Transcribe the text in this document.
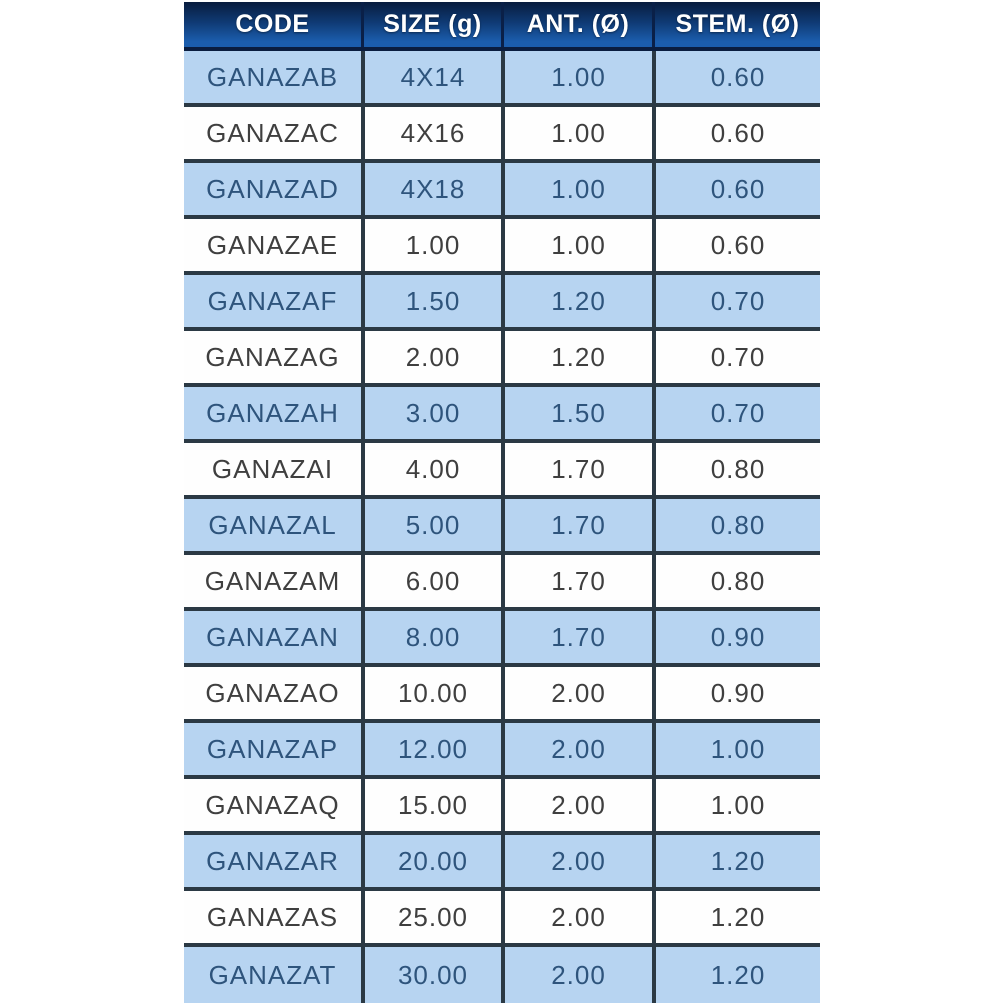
CODE	SIZE (g)	ANT. (Ø)	STEM. (Ø)
GANAZAB	4X14	1.00	0.60
GANAZAC	4X16	1.00	0.60
GANAZAD	4X18	1.00	0.60
GANAZAE	1.00	1.00	0.60
GANAZAF	1.50	1.20	0.70
GANAZAG	2.00	1.20	0.70
GANAZAH	3.00	1.50	0.70
GANAZAI	4.00	1.70	0.80
GANAZAL	5.00	1.70	0.80
GANAZAM	6.00	1.70	0.80
GANAZAN	8.00	1.70	0.90
GANAZAO	10.00	2.00	0.90
GANAZAP	12.00	2.00	1.00
GANAZAQ	15.00	2.00	1.00
GANAZAR	20.00	2.00	1.20
GANAZAS	25.00	2.00	1.20
GANAZAT	30.00	2.00	1.20
